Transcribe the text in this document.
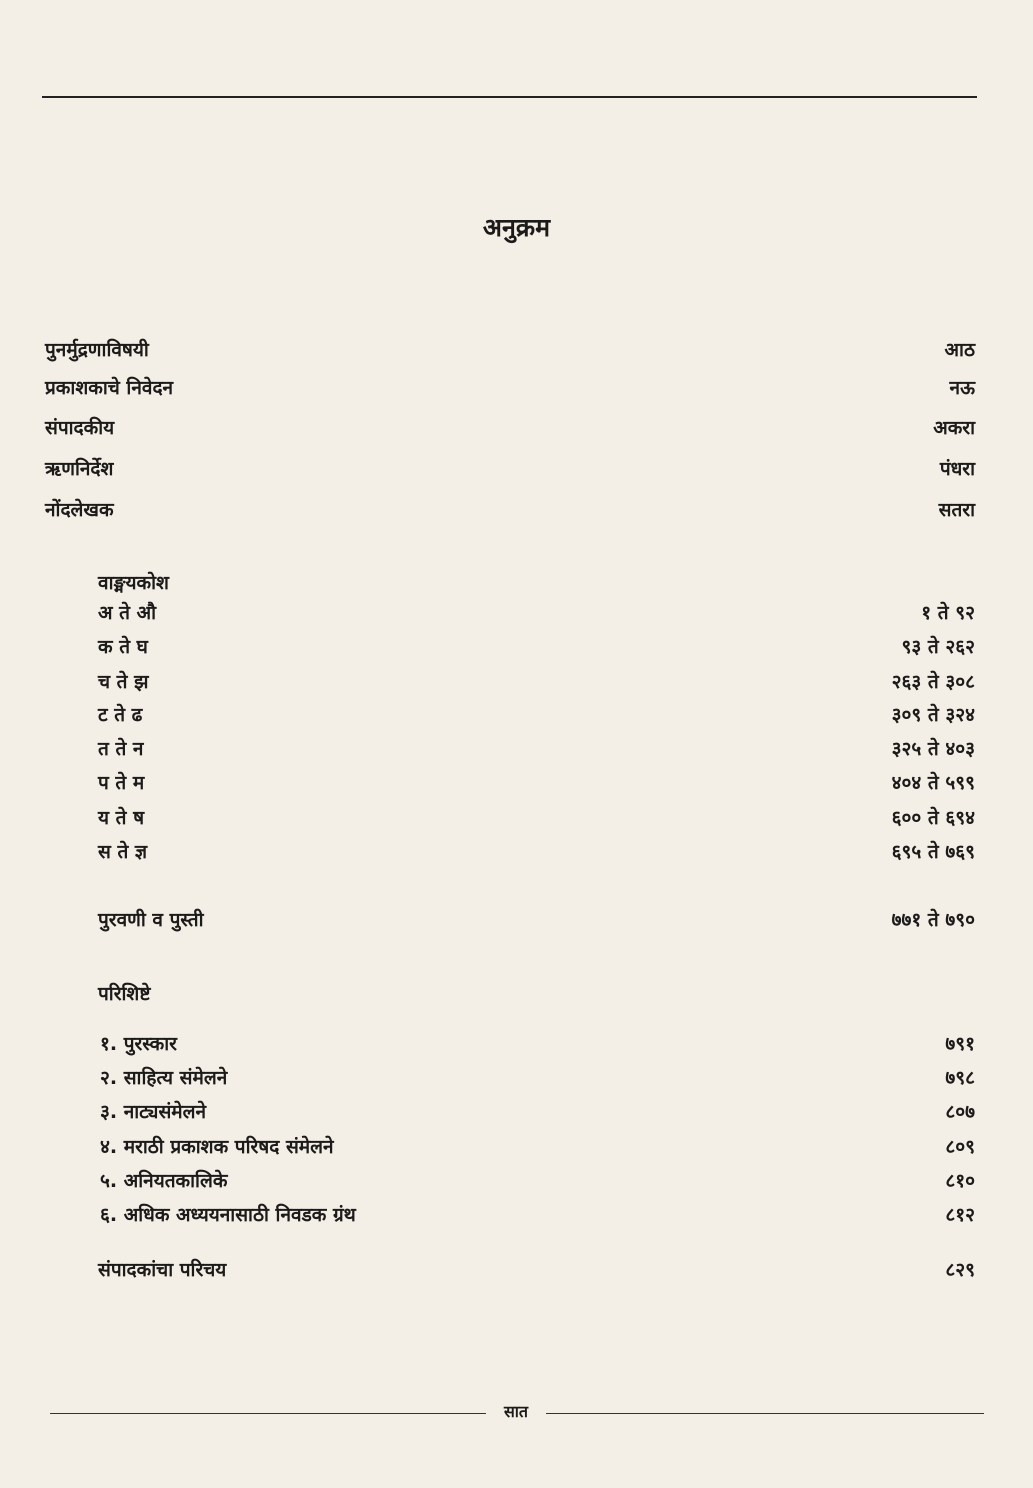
अनुक्रम
पुनर्मुद्रणाविषयी	आठ
प्रकाशकाचे निवेदन	नऊ
संपादकीय	अकरा
ऋणनिर्देश	पंधरा
नोंदलेखक	सतरा
वाङ्मयकोश
अ ते औ	१ ते ९२
क ते घ	९३ ते २६२
च ते झ	२६३ ते ३०८
ट ते ढ	३०९ ते ३२४
त ते न	३२५ ते ४०३
प ते म	४०४ ते ५९९
य ते ष	६०० ते ६९४
स ते ज्ञ	६९५ ते ७६९
पुरवणी व पुस्ती	७७१ ते ७९०
परिशिष्टे
१. पुरस्कार	७९१
२. साहित्य संमेलने	७९८
३. नाट्यसंमेलने	८०७
४. मराठी प्रकाशक परिषद संमेलने	८०९
५. अनियतकालिके	८१०
६. अधिक अध्ययनासाठी निवडक ग्रंथ	८१२
संपादकांचा परिचय	८२९
सात
